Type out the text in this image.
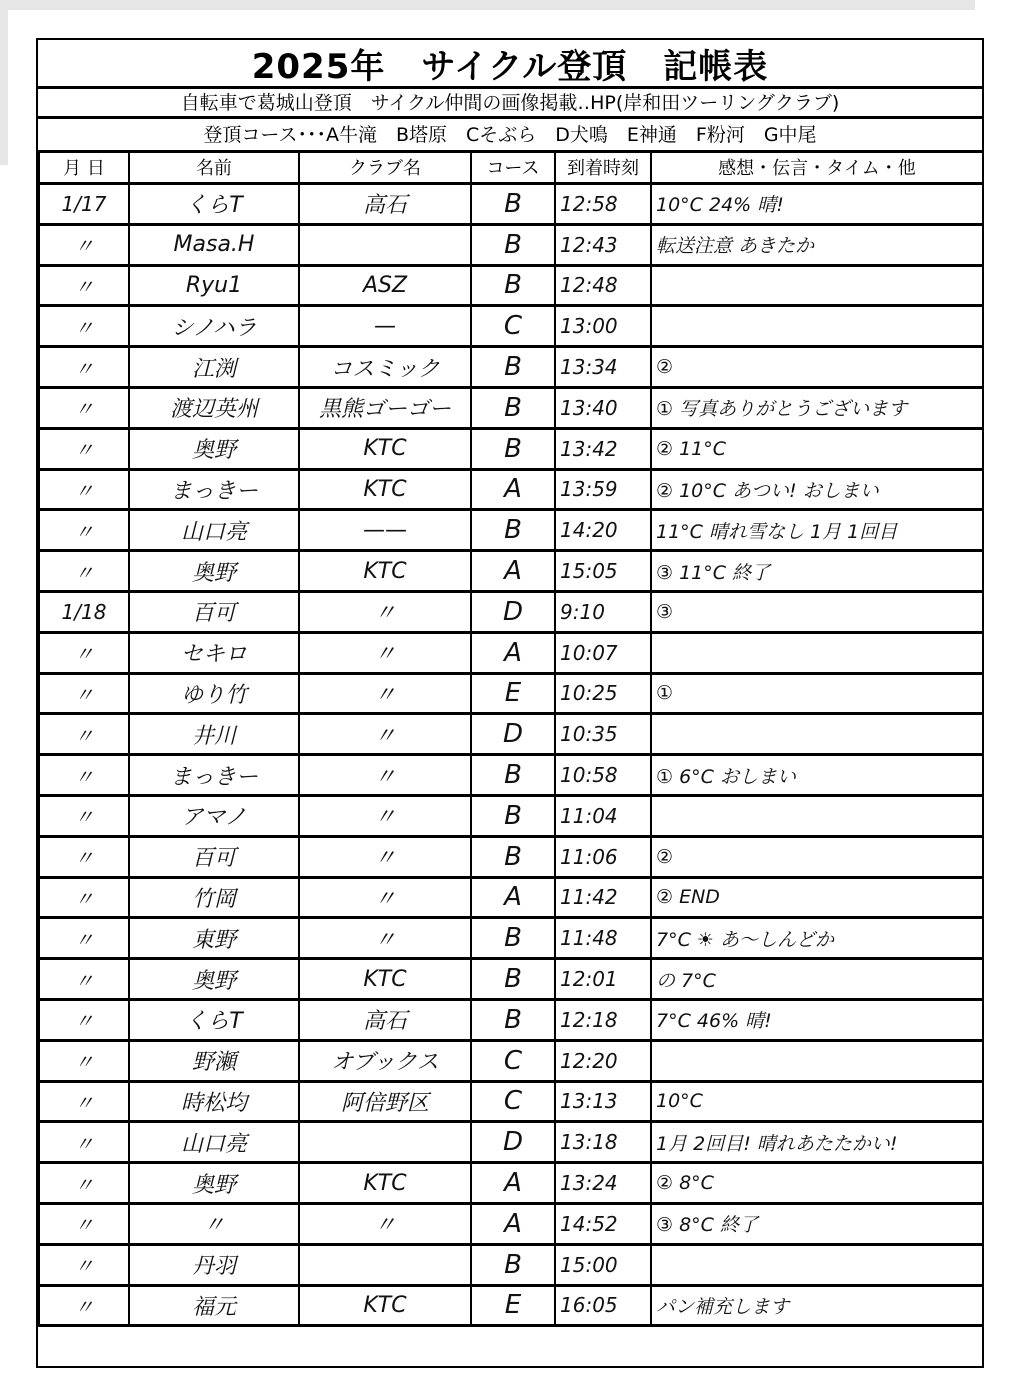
2025年 サイクル登頂 記帳表
自転車で葛城山登頂　サイクル仲間の画像掲載‥HP(岸和田ツーリングクラブ)
登頂コース･･･A牛滝　B塔原　Cそぶら　D犬鳴　E神通　F粉河　G中尾
月 日	名前	クラブ名	コース	到着時刻	感想・伝言・タイム・他
1/17	くらT	高石	B	12:58	10°C 24% 晴!
〃	Masa.H		B	12:43	転送注意 あきたか
〃	Ryu1	ASZ	B	12:48	
〃	シノハラ	—	C	13:00	
〃	江渕	コスミック	B	13:34	②
〃	渡辺英州	黒熊ゴーゴー	B	13:40	① 写真ありがとうございます
〃	奥野	KTC	B	13:42	② 11°C
〃	まっきー	KTC	A	13:59	② 10°C あつい! おしまい
〃	山口亮	——	B	14:20	11°C 晴れ雪なし 1月 1回目
〃	奥野	KTC	A	15:05	③ 11°C 終了
1/18	百可	〃	D	9:10	③
〃	セキロ	〃	A	10:07	
〃	ゆり竹	〃	E	10:25	①
〃	井川	〃	D	10:35	
〃	まっきー	〃	B	10:58	① 6°C おしまい
〃	アマノ	〃	B	11:04	
〃	百可	〃	B	11:06	②
〃	竹岡	〃	A	11:42	② END
〃	東野	〃	B	11:48	7°C ☀ あ〜しんどか
〃	奥野	KTC	B	12:01	の 7°C
〃	くらT	高石	B	12:18	7°C 46% 晴!
〃	野瀬	オブックス	C	12:20	
〃	時松均	阿倍野区	C	13:13	10°C
〃	山口亮		D	13:18	1月 2回目! 晴れあたたかい!
〃	奥野	KTC	A	13:24	② 8°C
〃	〃	〃	A	14:52	③ 8°C 終了
〃	丹羽		B	15:00	
〃	福元	KTC	E	16:05	パン補充します
